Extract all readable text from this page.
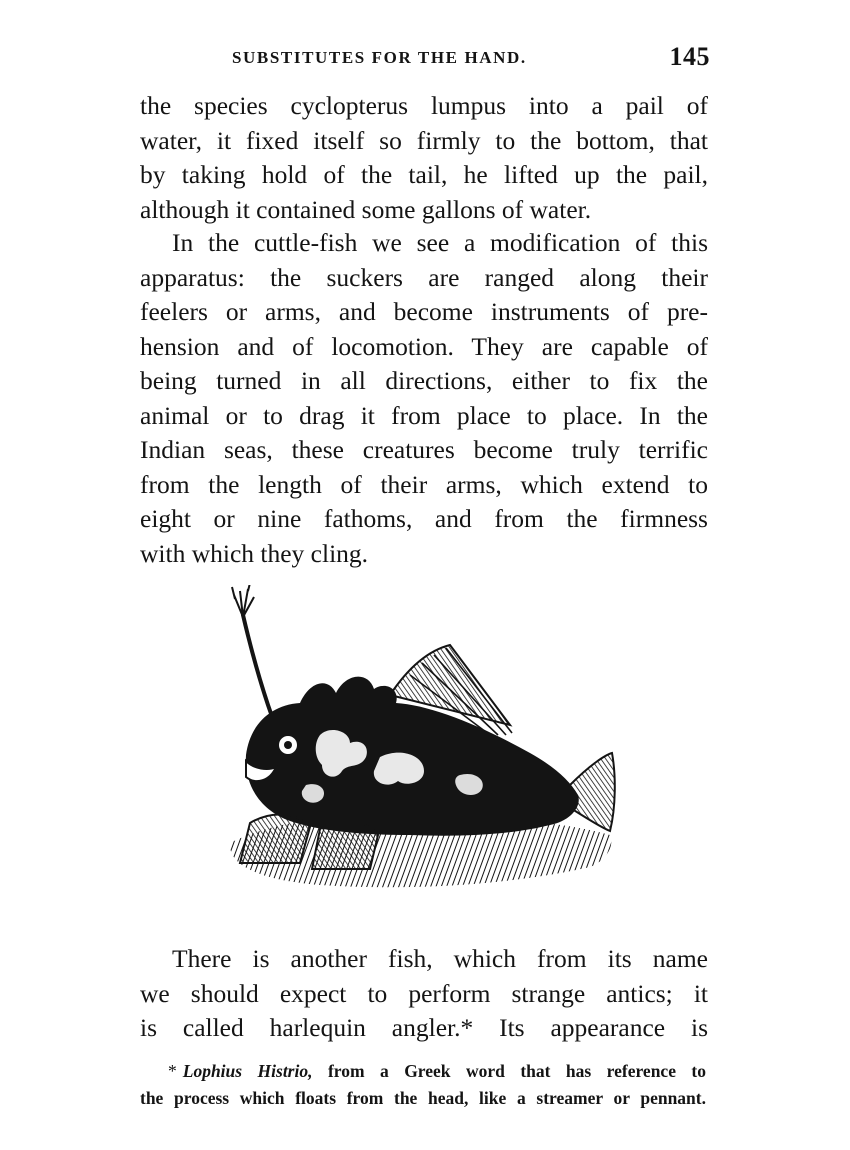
SUBSTITUTES FOR THE HAND.	145

the species cyclopterus lumpus into a pail of
water, it fixed itself so firmly to the bottom, that
by taking hold of the tail, he lifted up the pail,
although it contained some gallons of water.

In the cuttle-fish we see a modification of this
apparatus: the suckers are ranged along their
feelers or arms, and become instruments of pre-
hension and of locomotion. They are capable of
being turned in all directions, either to fix the
animal or to drag it from place to place. In the
Indian seas, these creatures become truly terrific
from the length of their arms, which extend to
eight or nine fathoms, and from the firmness
with which they cling.

There is another fish, which from its name
we should expect to perform strange antics; it
is called harlequin angler.* Its appearance is

* Lophius Histrio, from a Greek word that has reference to
the process which floats from the head, like a streamer or pennant.
